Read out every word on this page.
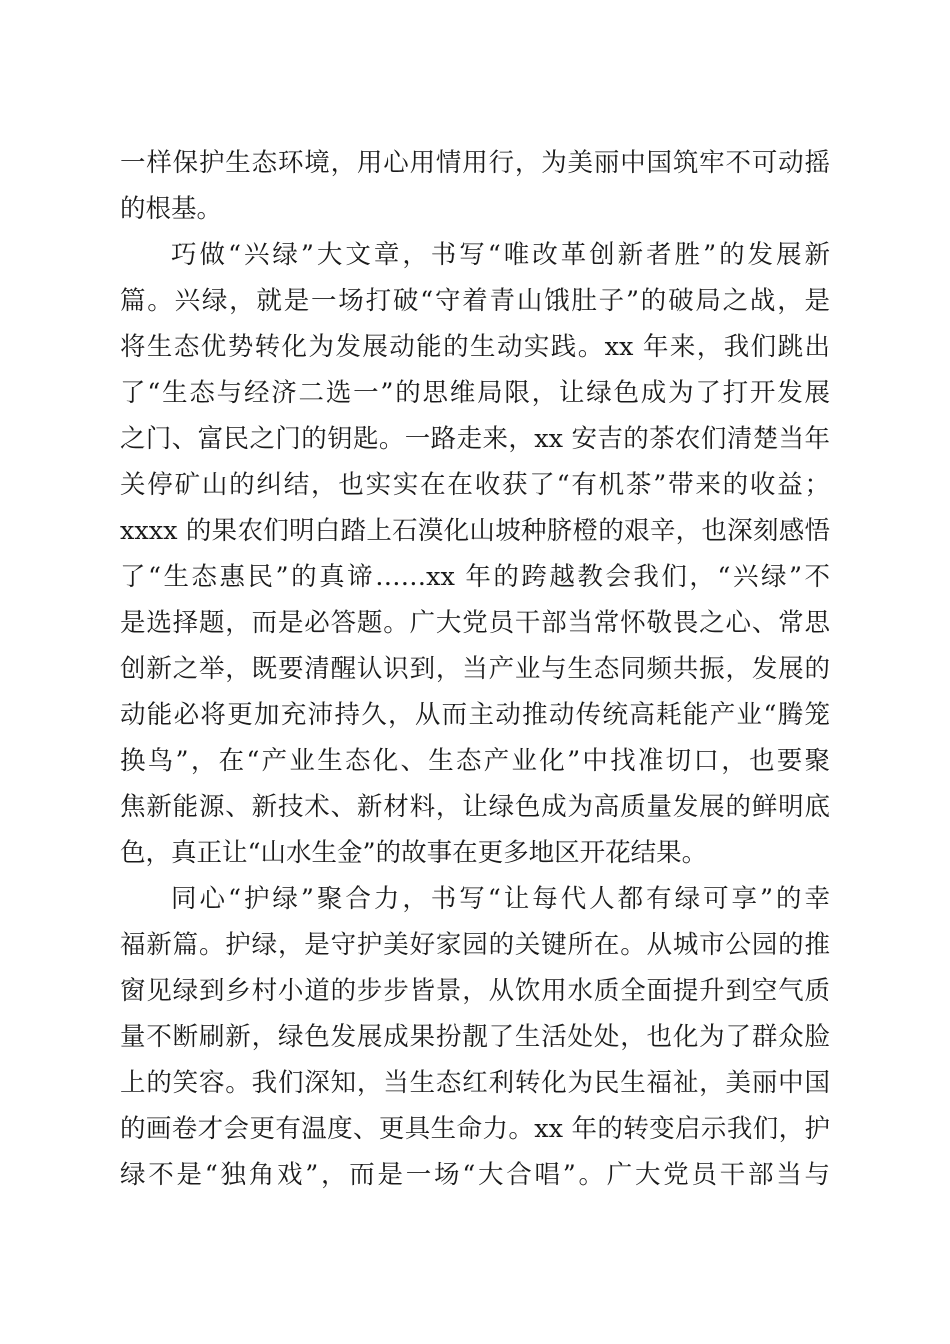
一样保护生态环境，用心用情用行，为美丽中国筑牢不可动摇
的根基。
巧做“兴绿”大文章，书写“唯改革创新者胜”的发展新
篇。兴绿，就是一场打破“守着青山饿肚子”的破局之战，是
将生态优势转化为发展动能的生动实践。xx 年来，我们跳出
了“生态与经济二选一”的思维局限，让绿色成为了打开发展
之门、富民之门的钥匙。一路走来，xx 安吉的茶农们清楚当年
关停矿山的纠结，也实实在在收获了“有机茶”带来的收益；
xxxx 的果农们明白踏上石漠化山坡种脐橙的艰辛，也深刻感悟
了“生态惠民”的真谛……xx 年的跨越教会我们，“兴绿”不
是选择题，而是必答题。广大党员干部当常怀敬畏之心、常思
创新之举，既要清醒认识到，当产业与生态同频共振，发展的
动能必将更加充沛持久，从而主动推动传统高耗能产业“腾笼
换鸟”，在“产业生态化、生态产业化”中找准切口，也要聚
焦新能源、新技术、新材料，让绿色成为高质量发展的鲜明底
色，真正让“山水生金”的故事在更多地区开花结果。
同心“护绿”聚合力，书写“让每代人都有绿可享”的幸
福新篇。护绿，是守护美好家园的关键所在。从城市公园的推
窗见绿到乡村小道的步步皆景，从饮用水质全面提升到空气质
量不断刷新，绿色发展成果扮靓了生活处处，也化为了群众脸
上的笑容。我们深知，当生态红利转化为民生福祉，美丽中国
的画卷才会更有温度、更具生命力。xx 年的转变启示我们，护
绿不是“独角戏”，而是一场“大合唱”。广大党员干部当与
